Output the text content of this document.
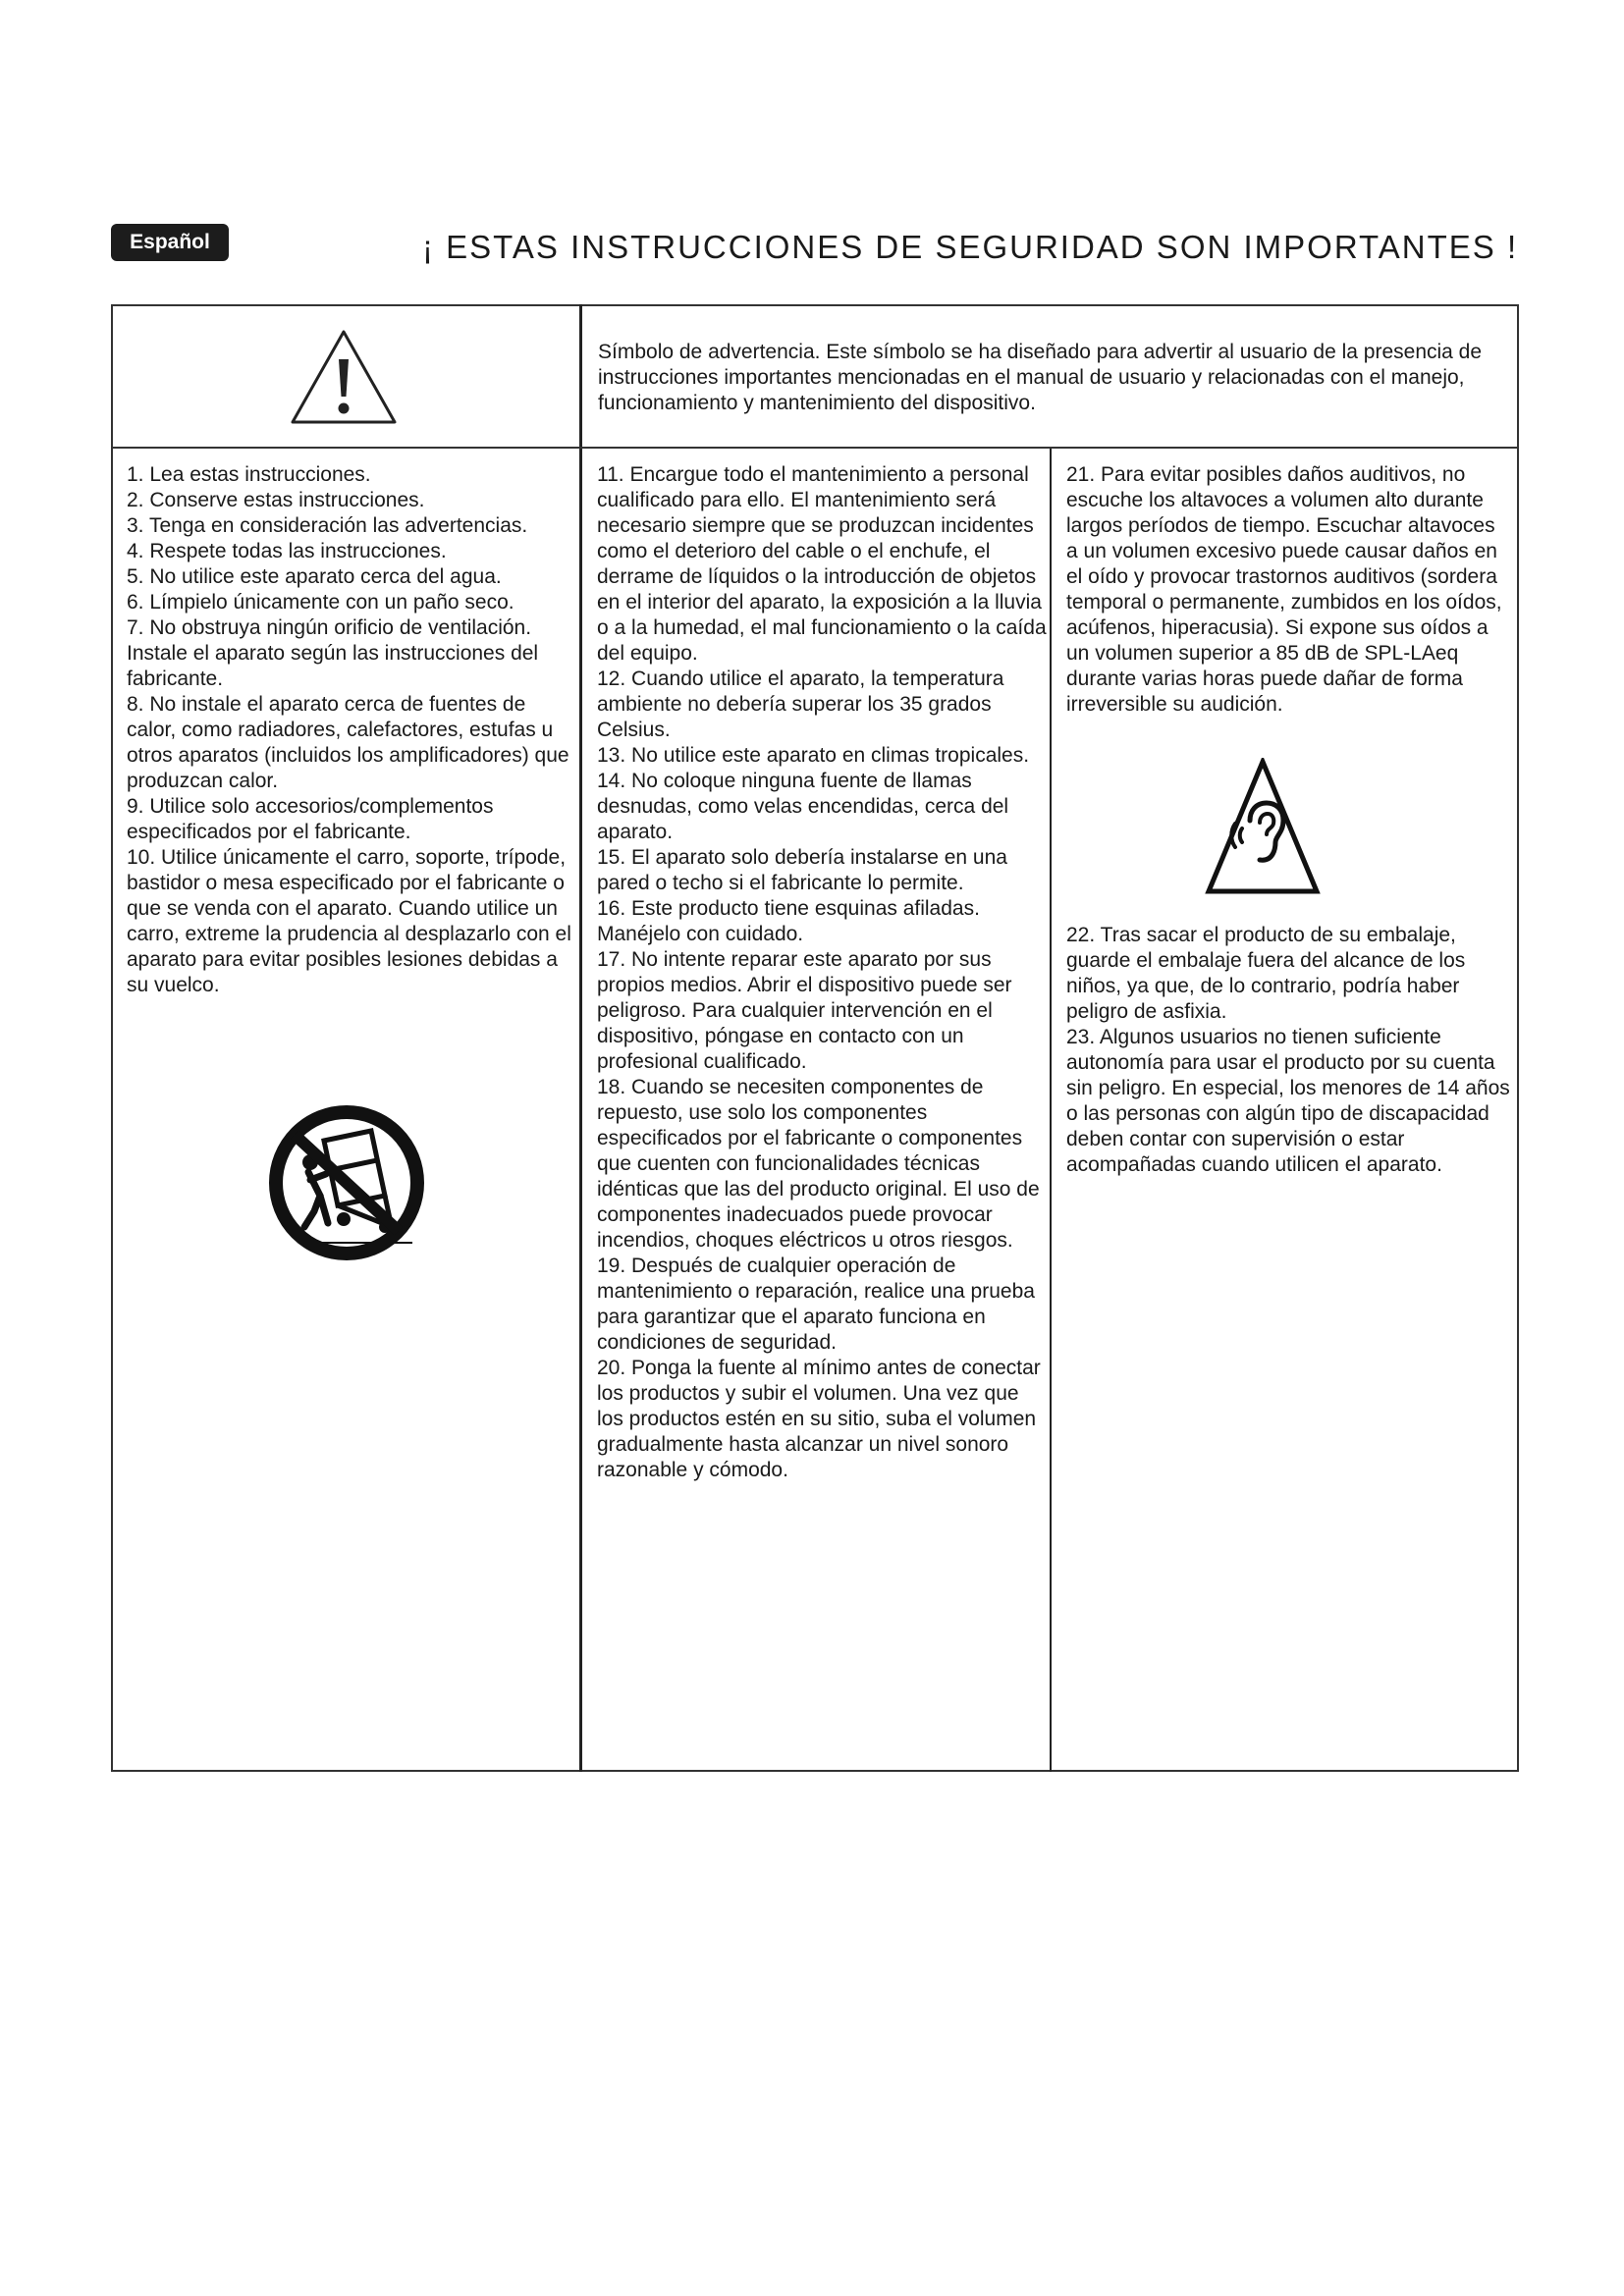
Español	¡ ESTAS INSTRUCCIONES DE SEGURIDAD SON IMPORTANTES !
Símbolo de advertencia. Este símbolo se ha diseñado para advertir al usuario de la presencia de instrucciones importantes mencionadas en el manual de usuario y relacionadas con el manejo, funcionamiento y mantenimiento del dispositivo.

1. Lea estas instrucciones.

2. Conserve estas instrucciones.

3. Tenga en consideración las advertencias.

4. Respete todas las instrucciones.

5. No utilice este aparato cerca del agua.

6. Límpielo únicamente con un paño seco.

7. No obstruya ningún orificio de ventilación. Instale el aparato según las instrucciones del fabricante.

8. No instale el aparato cerca de fuentes de calor, como radiadores, calefactores, estufas u otros aparatos (incluidos los amplificadores) que produzcan calor.

9. Utilice solo accesorios/complementos especificados por el fabricante.

10. Utilice únicamente el carro, soporte, trípode, bastidor o mesa especificado por el fabricante o que se venda con el aparato. Cuando utilice un carro, extreme la prudencia al desplazarlo con el aparato para evitar posibles lesiones debidas a su vuelco.

11. Encargue todo el mantenimiento a personal cualificado para ello. El mantenimiento será necesario siempre que se produzcan incidentes como el deterioro del cable o el enchufe, el derrame de líquidos o la introducción de objetos en el interior del aparato, la exposición a la lluvia o a la humedad, el mal funcionamiento o la caída del equipo.

12. Cuando utilice el aparato, la temperatura ambiente no debería superar los 35 grados Celsius.

13. No utilice este aparato en climas tropicales.

14. No coloque ninguna fuente de llamas desnudas, como velas encendidas, cerca del aparato.

15. El aparato solo debería instalarse en una pared o techo si el fabricante lo permite.

16. Este producto tiene esquinas afiladas. Manéjelo con cuidado.

17. No intente reparar este aparato por sus propios medios. Abrir el dispositivo puede ser peligroso. Para cualquier intervención en el dispositivo, póngase en contacto con un profesional cualificado.

18. Cuando se necesiten componentes de repuesto, use solo los componentes especificados por el fabricante o componentes que cuenten con funcionalidades técnicas idénticas que las del producto original. El uso de componentes inadecuados puede provocar incendios, choques eléctricos u otros riesgos.

19. Después de cualquier operación de mantenimiento o reparación, realice una prueba para garantizar que el aparato funciona en condiciones de seguridad.

20. Ponga la fuente al mínimo antes de conectar los productos y subir el volumen. Una vez que los productos estén en su sitio, suba el volumen gradualmente hasta alcanzar un nivel sonoro razonable y cómodo.

21. Para evitar posibles daños auditivos, no escuche los altavoces a volumen alto durante largos períodos de tiempo. Escuchar altavoces a un volumen excesivo puede causar daños en el oído y provocar trastornos auditivos (sordera temporal o permanente, zumbidos en los oídos, acúfenos, hiperacusia). Si expone sus oídos a un volumen superior a 85 dB de SPL-LAeq durante varias horas puede dañar de forma irreversible su audición.

22. Tras sacar el producto de su embalaje, guarde el embalaje fuera del alcance de los niños, ya que, de lo contrario, podría haber peligro de asfixia.

23. Algunos usuarios no tienen suficiente autonomía para usar el producto por su cuenta sin peligro. En especial, los menores de 14 años o las personas con algún tipo de discapacidad deben contar con supervisión o estar acompañadas cuando utilicen el aparato.
